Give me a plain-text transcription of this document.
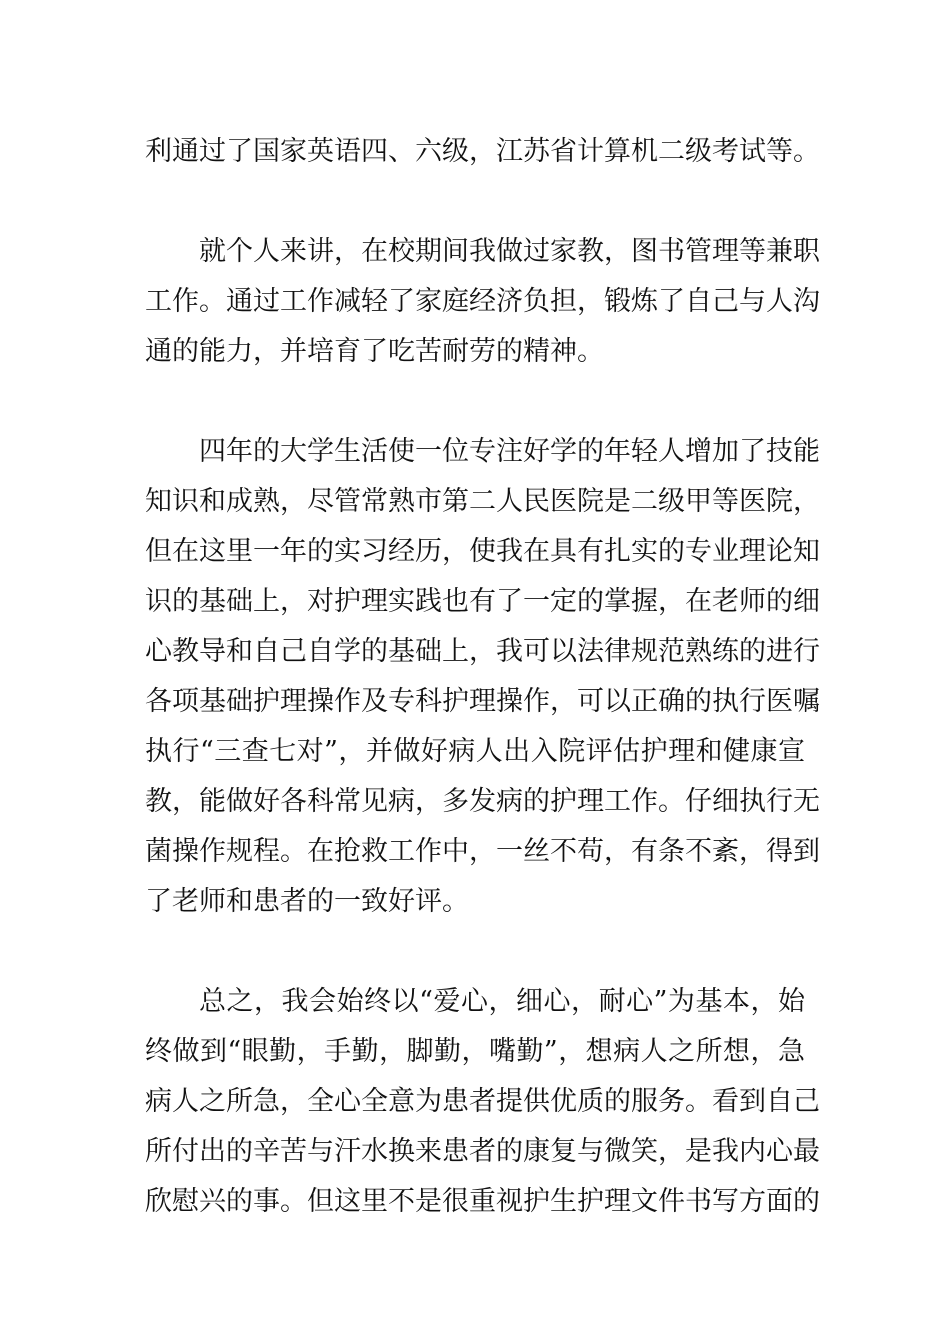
利通过了国家英语四、六级，江苏省计算机二级考试等。
就个人来讲，在校期间我做过家教，图书管理等兼职
工作。通过工作减轻了家庭经济负担，锻炼了自己与人沟
通的能力，并培育了吃苦耐劳的精神。
四年的大学生活使一位专注好学的年轻人增加了技能
知识和成熟，尽管常熟市第二人民医院是二级甲等医院，
但在这里一年的实习经历，使我在具有扎实的专业理论知
识的基础上，对护理实践也有了一定的掌握，在老师的细
心教导和自己自学的基础上，我可以法律规范熟练的进行
各项基础护理操作及专科护理操作，可以正确的执行医嘱
执行“三查七对”，并做好病人出入院评估护理和健康宣
教，能做好各科常见病，多发病的护理工作。仔细执行无
菌操作规程。在抢救工作中，一丝不苟，有条不紊，得到
了老师和患者的一致好评。
总之，我会始终以“爱心，细心，耐心”为基本，始
终做到“眼勤，手勤，脚勤，嘴勤”，想病人之所想，急
病人之所急，全心全意为患者提供优质的服务。看到自己
所付出的辛苦与汗水换来患者的康复与微笑，是我内心最
欣慰兴的事。但这里不是很重视护生护理文件书写方面的
